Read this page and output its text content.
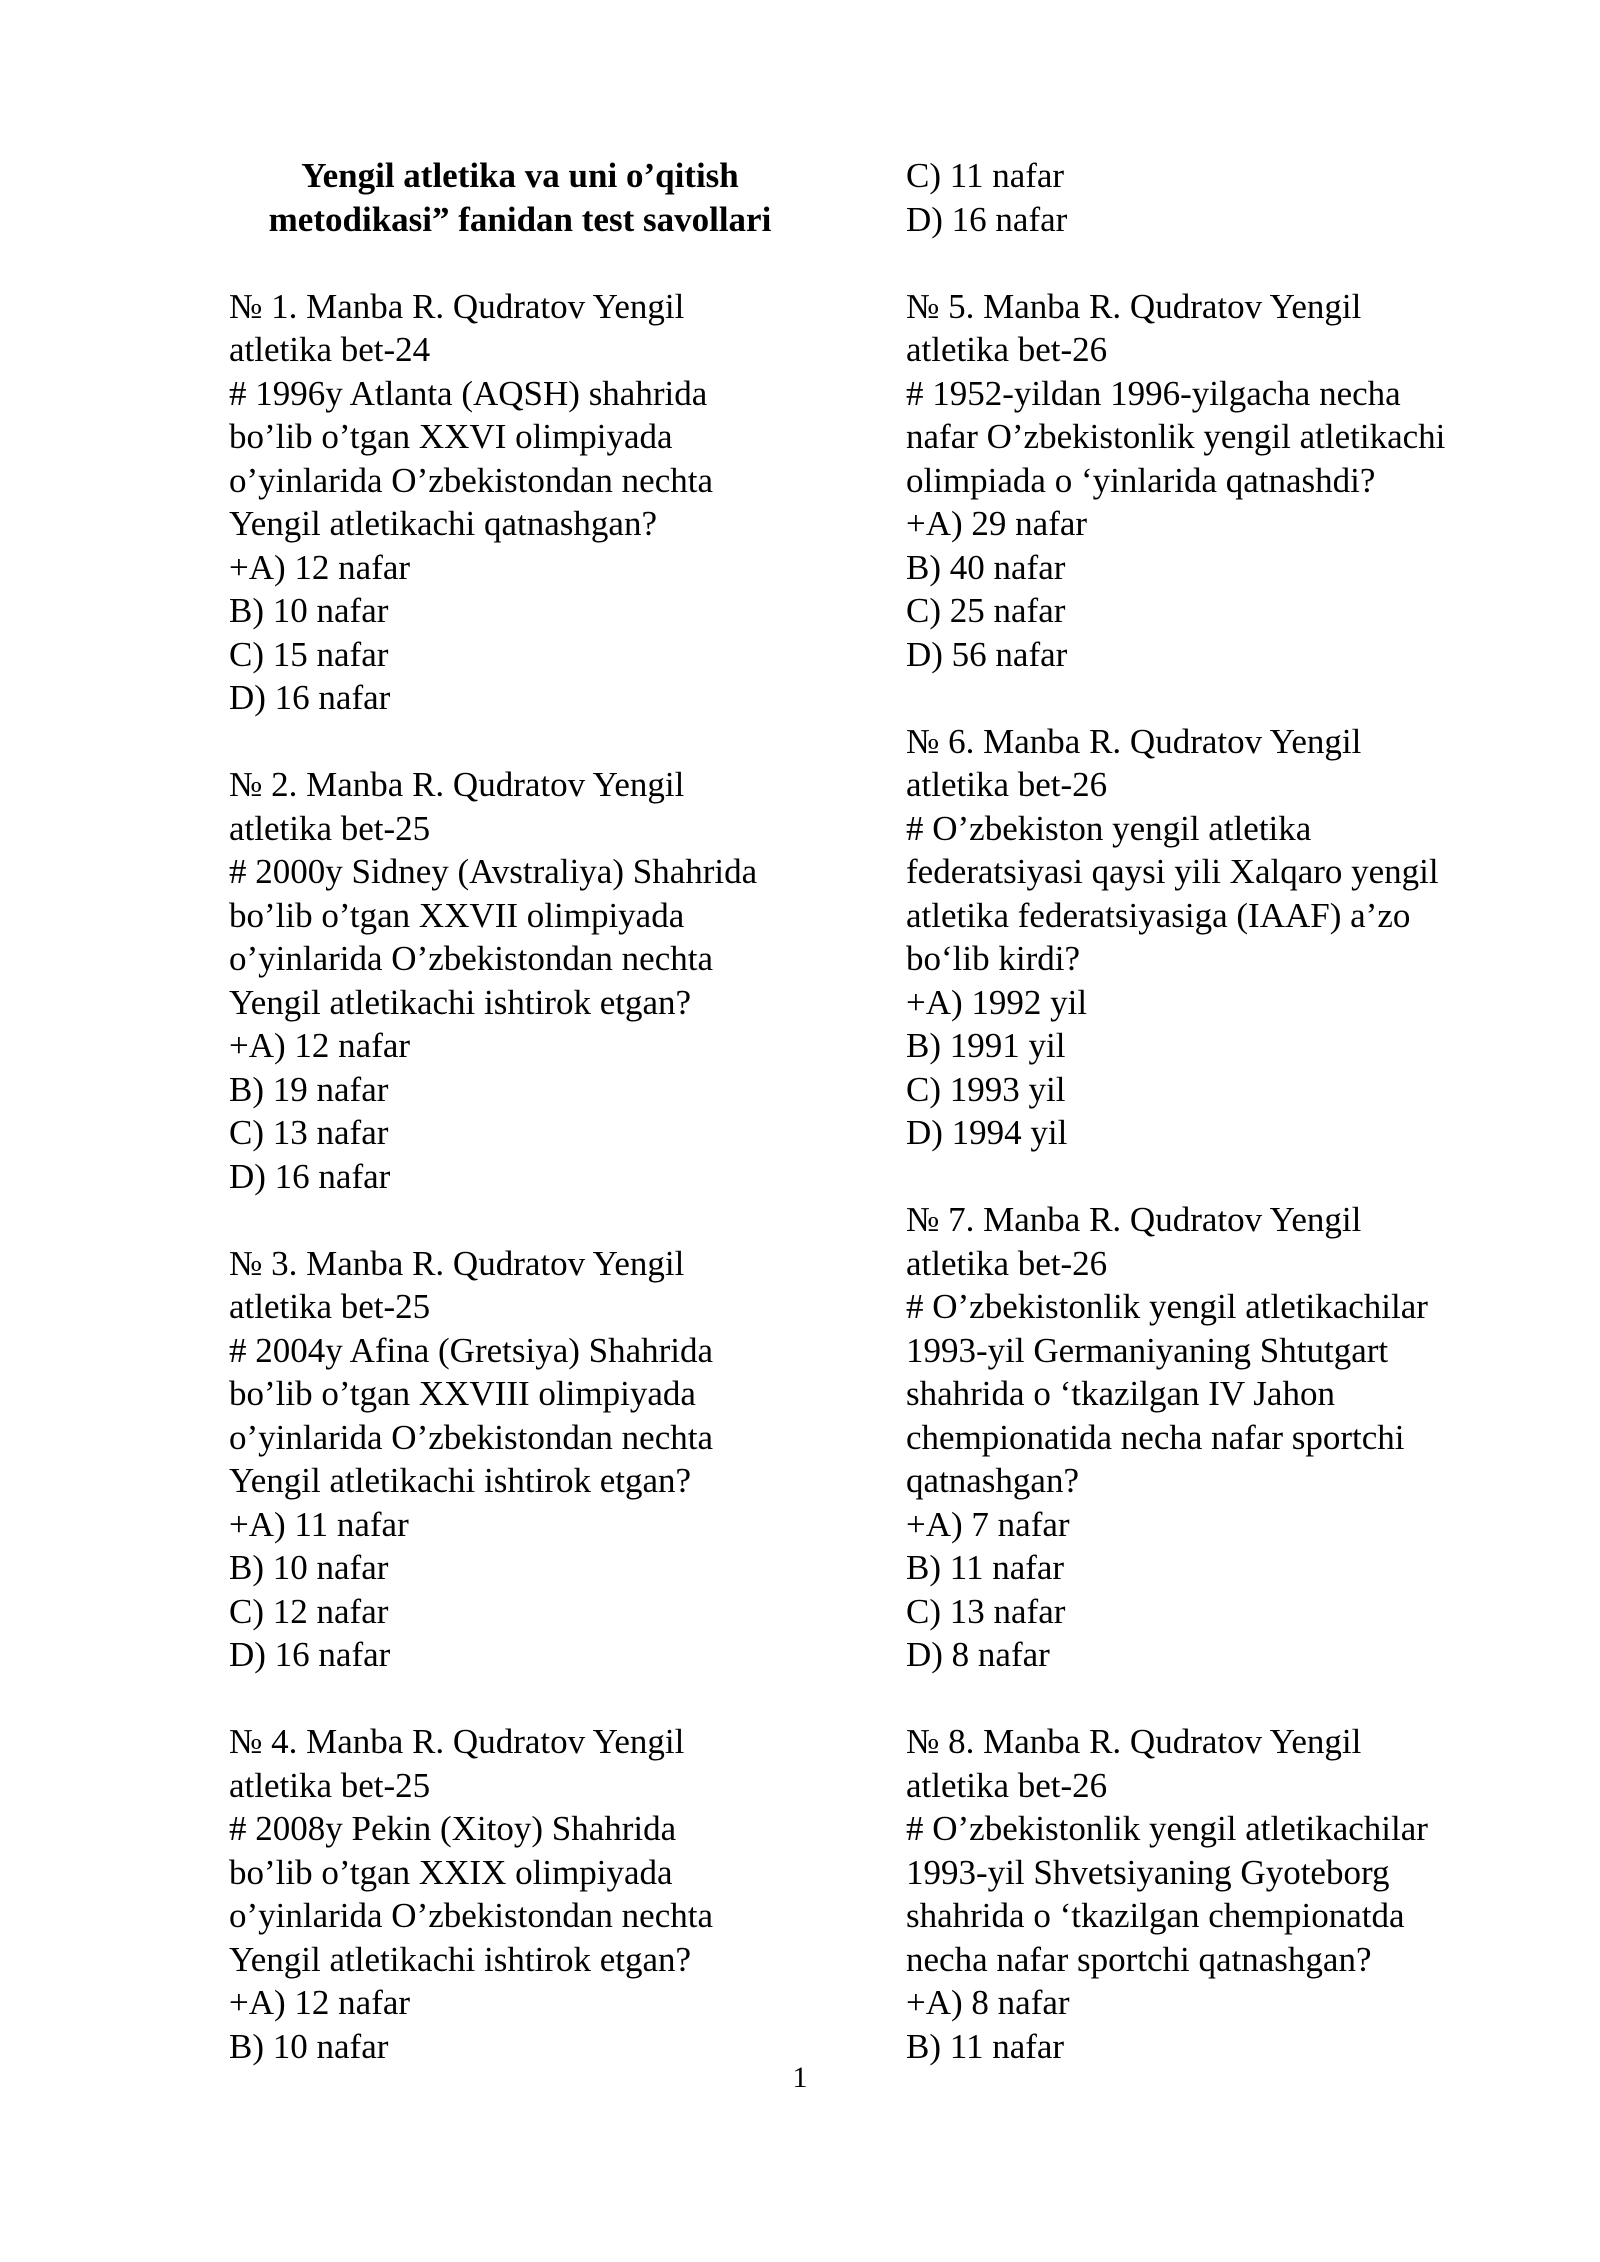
Yengil atletika va uni o’qitish
metodikasi” fanidan test savollari
№ 1. Manba R. Qudratov Yengil
atletika bet-24
# 1996y Atlanta (AQSH) shahrida
bo’lib o’tgan XXVI olimpiyada
o’yinlarida O’zbekistondan nechta
Yengil atletikachi qatnashgan?
+A) 12 nafar
B) 10 nafar
C) 15 nafar
D) 16 nafar
№ 2. Manba R. Qudratov Yengil
atletika bet-25
# 2000y Sidney (Avstraliya) Shahrida
bo’lib o’tgan XXVII olimpiyada
o’yinlarida O’zbekistondan nechta
Yengil atletikachi ishtirok etgan?
+A) 12 nafar
B) 19 nafar
C) 13 nafar
D) 16 nafar
№ 3. Manba R. Qudratov Yengil
atletika bet-25
# 2004y Afina (Gretsiya) Shahrida
bo’lib o’tgan XXVIII olimpiyada
o’yinlarida O’zbekistondan nechta
Yengil atletikachi ishtirok etgan?
+A) 11 nafar
B) 10 nafar
C) 12 nafar
D) 16 nafar
№ 4. Manba R. Qudratov Yengil
atletika bet-25
# 2008y Pekin (Xitoy) Shahrida
bo’lib o’tgan XXIX olimpiyada
o’yinlarida O’zbekistondan nechta
Yengil atletikachi ishtirok etgan?
+A) 12 nafar
B) 10 nafar
C) 11 nafar
D) 16 nafar
№ 5. Manba R. Qudratov Yengil
atletika bet-26
# 1952-yildan 1996-yilgacha necha
nafar O’zbekistonlik yengil atletikachi
olimpiada o ‘yinlarida qatnashdi?
+A) 29 nafar
B) 40 nafar
C) 25 nafar
D) 56 nafar
№ 6. Manba R. Qudratov Yengil
atletika bet-26
# O’zbekiston yengil atletika
federatsiyasi qaysi yili Xalqaro yengil
atletika federatsiyasiga (IAAF) a’zo
bo‘lib kirdi?
+A) 1992 yil
B) 1991 yil
C) 1993 yil
D) 1994 yil
№ 7. Manba R. Qudratov Yengil
atletika bet-26
# O’zbekistonlik yengil atletikachilar
1993-yil Germaniyaning Shtutgart
shahrida o ‘tkazilgan IV Jahon
chempionatida necha nafar sportchi
qatnashgan?
+A) 7 nafar
B) 11 nafar
C) 13 nafar
D) 8 nafar
№ 8. Manba R. Qudratov Yengil
atletika bet-26
# O’zbekistonlik yengil atletikachilar
1993-yil Shvetsiyaning Gyoteborg
shahrida o ‘tkazilgan chempionatda
necha nafar sportchi qatnashgan?
+A) 8 nafar
B) 11 nafar
1
